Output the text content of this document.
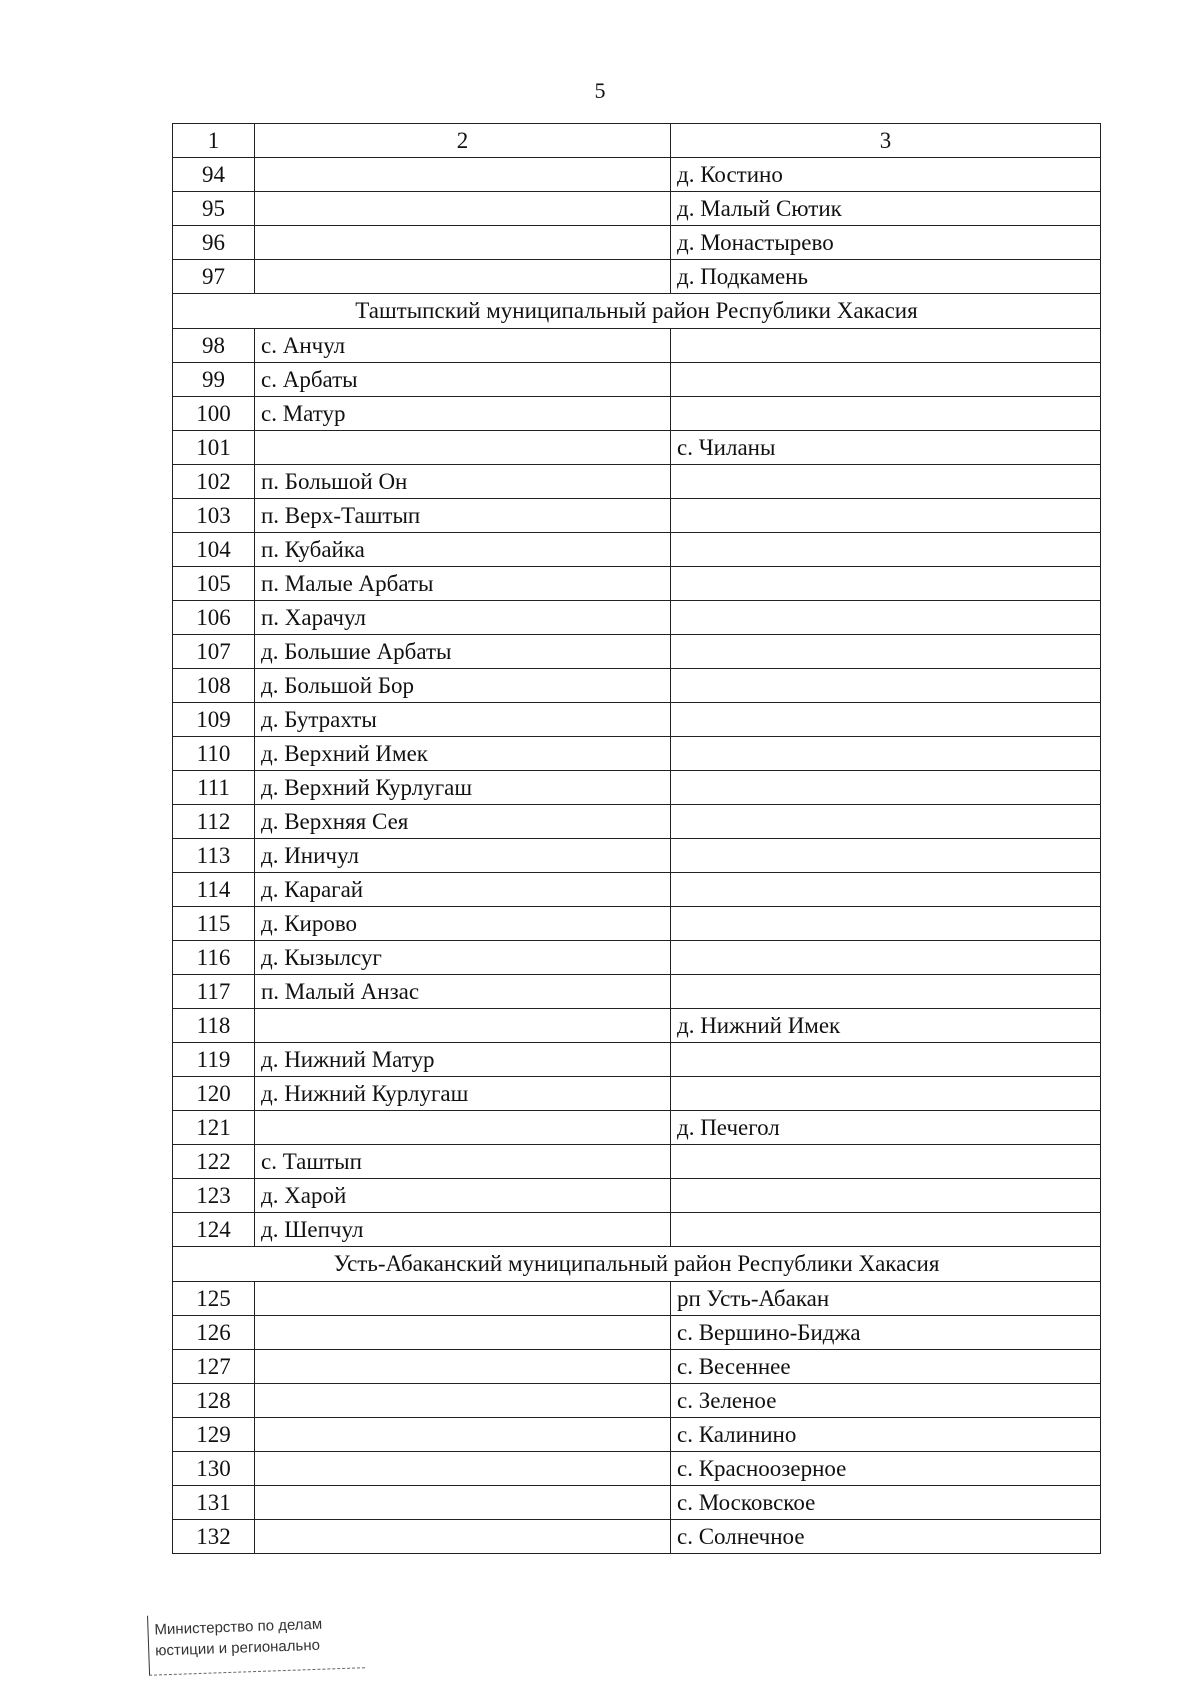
5
1	2	3
94		д. Костино
95		д. Малый Сютик
96		д. Монастырево
97		д. Подкамень
Таштыпский муниципальный район Республики Хакасия		
98	с. Анчул	
99	с. Арбаты	
100	с. Матур	
101		с. Чиланы
102	п. Большой Он	
103	п. Верх-Таштып	
104	п. Кубайка	
105	п. Малые Арбаты	
106	п. Харачул	
107	д. Большие Арбаты	
108	д. Большой Бор	
109	д. Бутрахты	
110	д. Верхний Имек	
111	д. Верхний Курлугаш	
112	д. Верхняя Сея	
113	д. Иничул	
114	д. Карагай	
115	д. Кирово	
116	д. Кызылсуг	
117	п. Малый Анзас	
118		д. Нижний Имек
119	д. Нижний Матур	
120	д. Нижний Курлугаш	
121		д. Печегол
122	с. Таштып	
123	д. Харой	
124	д. Шепчул	
Усть-Абаканский муниципальный район Республики Хакасия		
125		рп Усть-Абакан
126		с. Вершино-Биджа
127		с. Весеннее
128		с. Зеленое
129		с. Калинино
130		с. Красноозерное
131		с. Московское
132		с. Солнечное
Министерство по делам
юстиции и регионально
